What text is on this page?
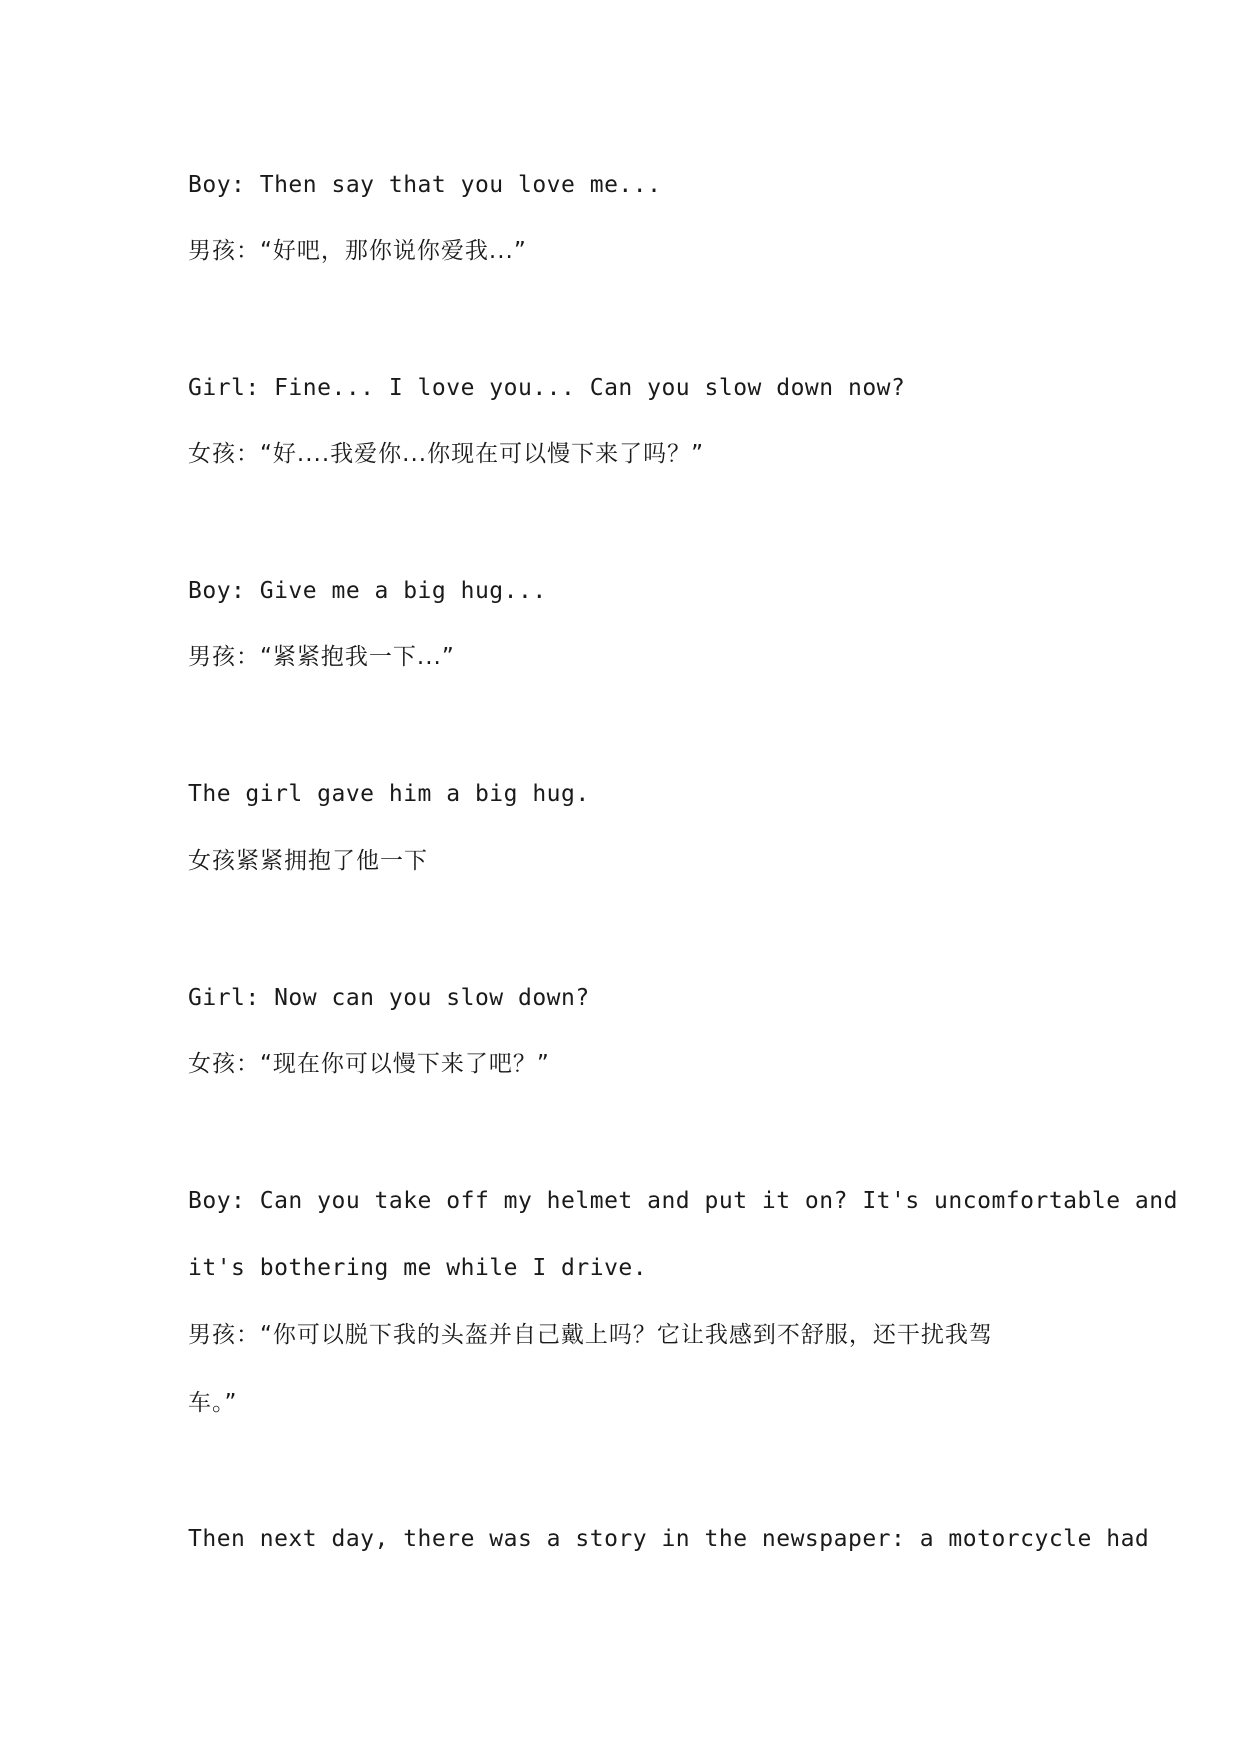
Boy: Then say that you love me...
男孩：“好吧，那你说你爱我...”
Girl: Fine... I love you... Can you slow down now?
女孩：“好....我爱你...你现在可以慢下来了吗？”
Boy: Give me a big hug...
男孩：“紧紧抱我一下...”
The girl gave him a big hug.
女孩紧紧拥抱了他一下
Girl: Now can you slow down?
女孩：“现在你可以慢下来了吧？”
Boy: Can you take off my helmet and put it on? It's uncomfortable and
it's bothering me while I drive.
男孩：“你可以脱下我的头盔并自己戴上吗？它让我感到不舒服，还干扰我驾
车。”
Then next day, there was a story in the newspaper: a motorcycle had
